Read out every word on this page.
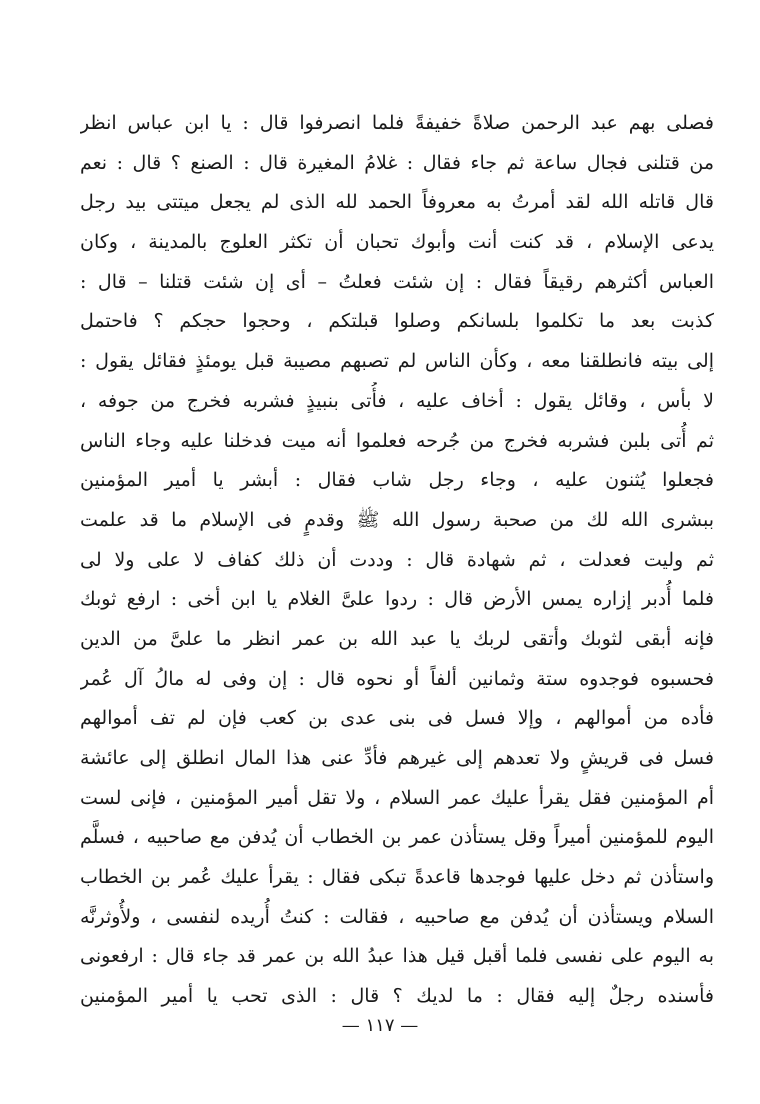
فصلى بهم عبد الرحمن صلاةً خفيفةً فلما انصرفوا قال : يا ابن عباس انظر
من قتلنى فجال ساعة ثم جاء فقال : غلامُ المغيرة قال : الصنع ؟ قال : نعم
قال قاتله الله لقد أمرتُ به معروفاً الحمد لله الذى لم يجعل ميتتى بيد رجل
يدعى الإسلام ، قد كنت أنت وأبوك تحبان أن تكثر العلوج بالمدينة ، وكان
العباس أكثرهم رقيقاً فقال : إن شئت فعلتُ – أى إن شئت قتلنا – قال :
كذبت بعد ما تكلموا بلسانكم وصلوا قبلتكم ، وحجوا حجكم ؟ فاحتمل
إلى بيته فانطلقنا معه ، وكأن الناس لم تصبهم مصيبة قبل يومئذٍ فقائل يقول :
لا بأس ، وقائل يقول : أخاف عليه ، فأُتى بنبيذٍ فشربه فخرج من جوفه ،
ثم أُتى بلبن فشربه فخرج من جُرحه فعلموا أنه ميت فدخلنا عليه وجاء الناس
فجعلوا يُثنون عليه ، وجاء رجل شاب فقال : أبشر يا أمير المؤمنين
ببشرى الله لك من صحبة رسول الله ﷺ وقدمٍ فى الإسلام ما قد علمت
ثم وليت فعدلت ، ثم شهادة قال : وددت أن ذلك كفاف لا على ولا لى
فلما أُدبر إزاره يمس الأرض قال : ردوا علىَّ الغلام يا ابن أخى : ارفع ثوبك
فإنه أبقى لثوبك وأتقى لربك يا عبد الله بن عمر انظر ما علىَّ من الدين
فحسبوه فوجدوه ستة وثمانين ألفاً أو نحوه قال : إن وفى له مالُ آل عُمر
فأده من أموالهم ، وإلا فسل فى بنى عدى بن كعب فإن لم تف أموالهم
فسل فى قريشٍ ولا تعدهم إلى غيرهم فأدِّ عنى هذا المال انطلق إلى عائشة
أم المؤمنين فقل يقرأ عليك عمر السلام ، ولا تقل أمير المؤمنين ، فإنى لست
اليوم للمؤمنين أميراً وقل يستأذن عمر بن الخطاب أن يُدفن مع صاحبيه ، فسلَّم
واستأذن ثم دخل عليها فوجدها قاعدةً تبكى فقال : يقرأ عليك عُمر بن الخطاب
السلام ويستأذن أن يُدفن مع صاحبيه ، فقالت : كنتُ أُريده لنفسى ، ولأُوثرنَّه
به اليوم على نفسى فلما أقبل قيل هذا عبدُ الله بن عمر قد جاء قال : ارفعونى
فأسنده رجلٌ إليه فقال : ما لديك ؟ قال : الذى تحب يا أمير المؤمنين
— ١١٧ —
